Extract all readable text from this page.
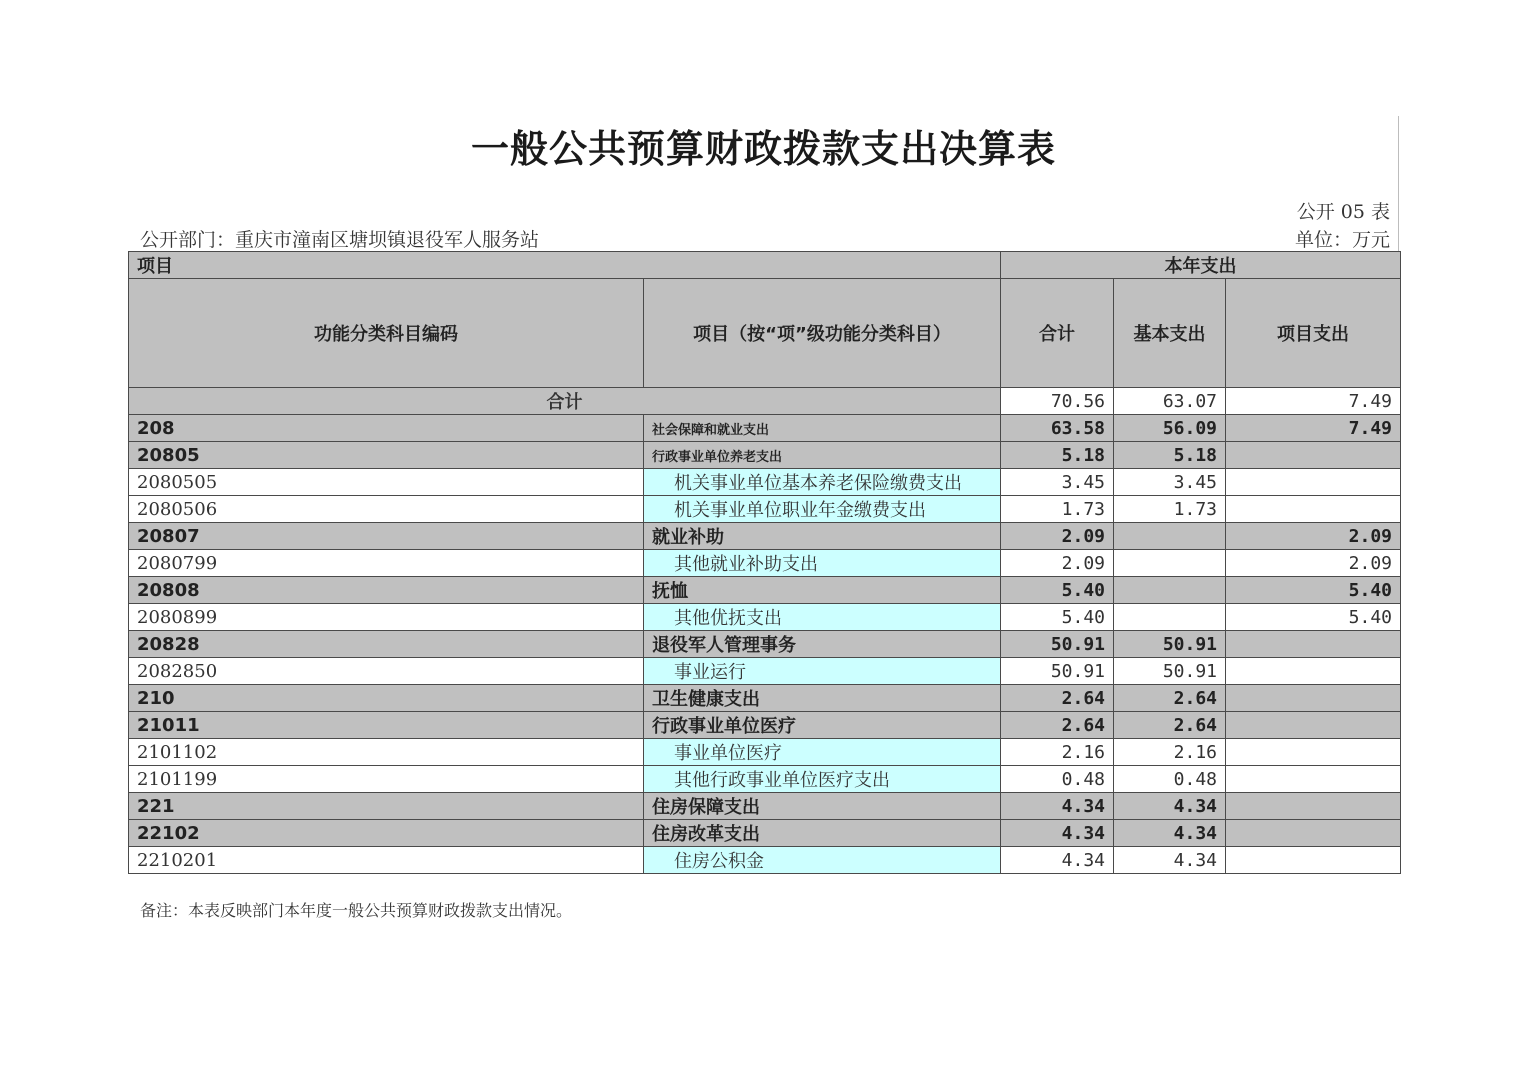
一般公共预算财政拨款支出决算表
公开 05 表
公开部门：重庆市潼南区塘坝镇退役军人服务站	单位：万元
项目		本年支出		
功能分类科目编码	项目（按“项”级功能分类科目）	合计	基本支出	项目支出
合计		70.56	63.07	7.49
208	社会保障和就业支出	63.58	56.09	7.49
20805	行政事业单位养老支出	5.18	5.18	
2080505	机关事业单位基本养老保险缴费支出	3.45	3.45	
2080506	机关事业单位职业年金缴费支出	1.73	1.73	
20807	就业补助	2.09		2.09
2080799	其他就业补助支出	2.09		2.09
20808	抚恤	5.40		5.40
2080899	其他优抚支出	5.40		5.40
20828	退役军人管理事务	50.91	50.91	
2082850	事业运行	50.91	50.91	
210	卫生健康支出	2.64	2.64	
21011	行政事业单位医疗	2.64	2.64	
2101102	事业单位医疗	2.16	2.16	
2101199	其他行政事业单位医疗支出	0.48	0.48	
221	住房保障支出	4.34	4.34	
22102	住房改革支出	4.34	4.34	
2210201	住房公积金	4.34	4.34	
备注：本表反映部门本年度一般公共预算财政拨款支出情况。
